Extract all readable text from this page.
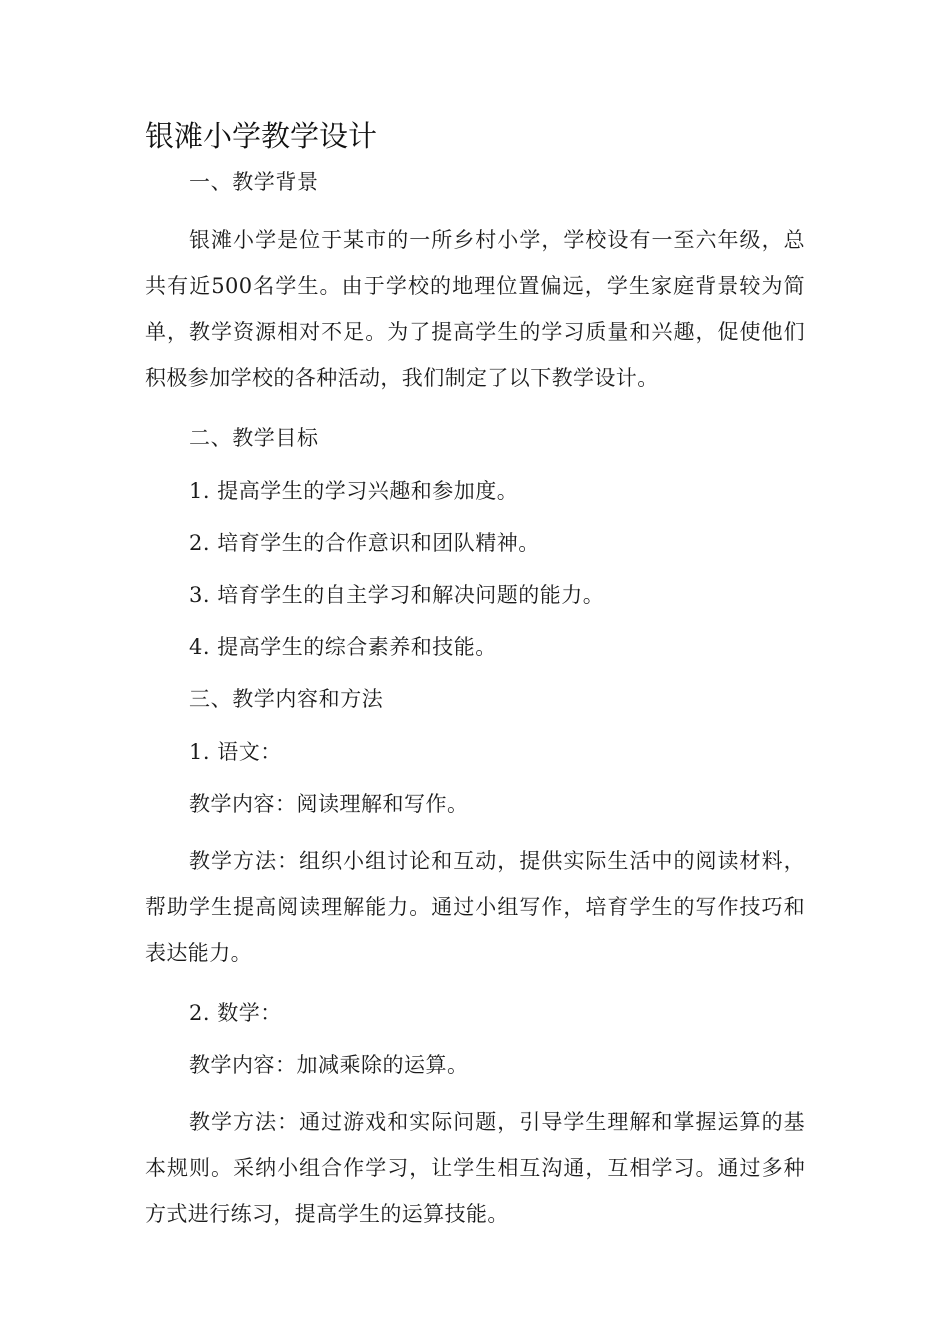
银滩小学教学设计

一、教学背景

银滩小学是位于某市的一所乡村小学，学校设有一至六年级，总共有近500名学生。由于学校的地理位置偏远，学生家庭背景较为简单，教学资源相对不足。为了提高学生的学习质量和兴趣，促使他们积极参加学校的各种活动，我们制定了以下教学设计。

二、教学目标

1. 提高学生的学习兴趣和参加度。

2. 培育学生的合作意识和团队精神。

3. 培育学生的自主学习和解决问题的能力。

4. 提高学生的综合素养和技能。

三、教学内容和方法

1. 语文：

教学内容：阅读理解和写作。

教学方法：组织小组讨论和互动，提供实际生活中的阅读材料，帮助学生提高阅读理解能力。通过小组写作，培育学生的写作技巧和表达能力。

2. 数学：

教学内容：加减乘除的运算。

教学方法：通过游戏和实际问题，引导学生理解和掌握运算的基本规则。采纳小组合作学习，让学生相互沟通，互相学习。通过多种方式进行练习，提高学生的运算技能。
